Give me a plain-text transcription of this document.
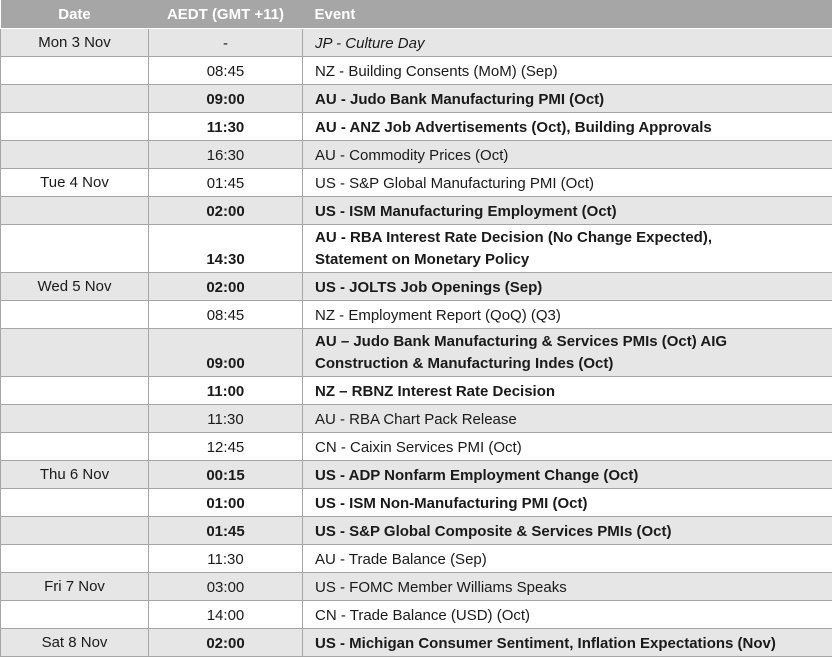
Date	AEDT (GMT +11)	Event
Mon 3 Nov	-	JP - Culture Day
	08:45	NZ - Building Consents (MoM) (Sep)
	09:00	AU - Judo Bank Manufacturing PMI (Oct)
	11:30	AU - ANZ Job Advertisements (Oct), Building Approvals
	16:30	AU - Commodity Prices (Oct)
Tue 4 Nov	01:45	US - S&P Global Manufacturing PMI (Oct)
	02:00	US - ISM Manufacturing Employment (Oct)
	14:30	AU - RBA Interest Rate Decision (No Change Expected),
Statement on Monetary Policy
Wed 5 Nov	02:00	US - JOLTS Job Openings (Sep)
	08:45	NZ - Employment Report (QoQ) (Q3)
	09:00	AU – Judo Bank Manufacturing & Services PMIs (Oct) AIG
Construction & Manufacturing Indes (Oct)
	11:00	NZ – RBNZ Interest Rate Decision
	11:30	AU - RBA Chart Pack Release
	12:45	CN - Caixin Services PMI (Oct)
Thu 6 Nov	00:15	US - ADP Nonfarm Employment Change (Oct)
	01:00	US - ISM Non-Manufacturing PMI (Oct)
	01:45	US - S&P Global Composite & Services PMIs (Oct)
	11:30	AU - Trade Balance (Sep)
Fri 7 Nov	03:00	US - FOMC Member Williams Speaks
	14:00	CN - Trade Balance (USD) (Oct)
Sat 8 Nov	02:00	US - Michigan Consumer Sentiment, Inflation Expectations (Nov)
